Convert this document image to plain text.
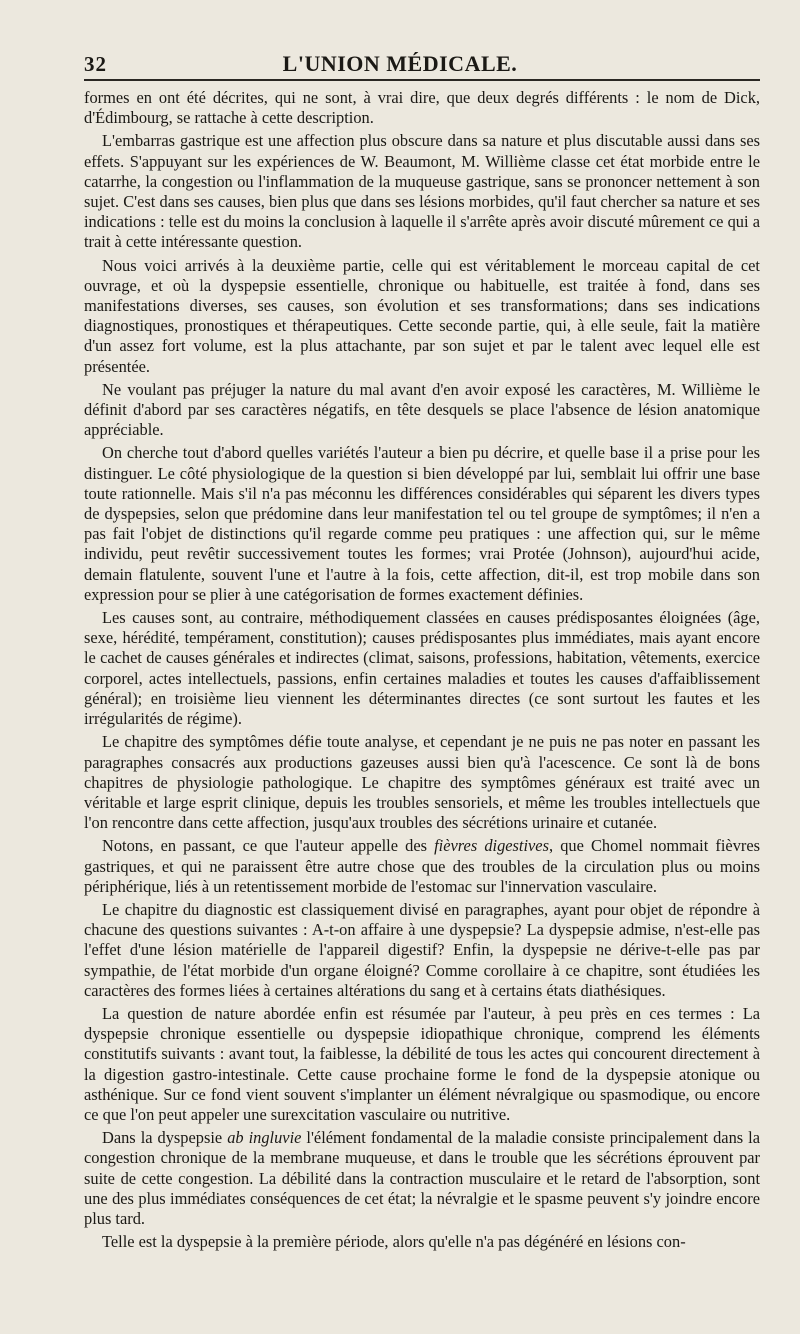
32	L'UNION MÉDICALE.

formes en ont été décrites, qui ne sont, à vrai dire, que deux degrés différents : le nom de Dick, d'Édimbourg, se rattache à cette description.

L'embarras gastrique est une affection plus obscure dans sa nature et plus discutable aussi dans ses effets. S'appuyant sur les expériences de W. Beaumont, M. Willième classe cet état morbide entre le catarrhe, la congestion ou l'inflammation de la muqueuse gastrique, sans se prononcer nettement à son sujet. C'est dans ses causes, bien plus que dans ses lésions morbides, qu'il faut chercher sa nature et ses indications : telle est du moins la conclusion à laquelle il s'arrête après avoir discuté mûrement ce qui a trait à cette intéressante question.

Nous voici arrivés à la deuxième partie, celle qui est véritablement le morceau capital de cet ouvrage, et où la dyspepsie essentielle, chronique ou habituelle, est traitée à fond, dans ses manifestations diverses, ses causes, son évolution et ses transformations; dans ses indications diagnostiques, pronostiques et thérapeutiques. Cette seconde partie, qui, à elle seule, fait la matière d'un assez fort volume, est la plus attachante, par son sujet et par le talent avec lequel elle est présentée.

Ne voulant pas préjuger la nature du mal avant d'en avoir exposé les caractères, M. Willième le définit d'abord par ses caractères négatifs, en tête desquels se place l'absence de lésion anatomique appréciable.

On cherche tout d'abord quelles variétés l'auteur a bien pu décrire, et quelle base il a prise pour les distinguer. Le côté physiologique de la question si bien développé par lui, semblait lui offrir une base toute rationnelle. Mais s'il n'a pas méconnu les différences considérables qui séparent les divers types de dyspepsies, selon que prédomine dans leur manifestation tel ou tel groupe de symptômes; il n'en a pas fait l'objet de distinctions qu'il regarde comme peu pratiques : une affection qui, sur le même individu, peut revêtir successivement toutes les formes; vrai Protée (Johnson), aujourd'hui acide, demain flatulente, souvent l'une et l'autre à la fois, cette affection, dit-il, est trop mobile dans son expression pour se plier à une catégorisation de formes exactement définies.

Les causes sont, au contraire, méthodiquement classées en causes prédisposantes éloignées (âge, sexe, hérédité, tempérament, constitution); causes prédisposantes plus immédiates, mais ayant encore le cachet de causes générales et indirectes (climat, saisons, professions, habitation, vêtements, exercice corporel, actes intellectuels, passions, enfin certaines maladies et toutes les causes d'affaiblissement général); en troisième lieu viennent les déterminantes directes (ce sont surtout les fautes et les irrégularités de régime).

Le chapitre des symptômes défie toute analyse, et cependant je ne puis ne pas noter en passant les paragraphes consacrés aux productions gazeuses aussi bien qu'à l'acescence. Ce sont là de bons chapitres de physiologie pathologique. Le chapitre des symptômes généraux est traité avec un véritable et large esprit clinique, depuis les troubles sensoriels, et même les troubles intellectuels que l'on rencontre dans cette affection, jusqu'aux troubles des sécrétions urinaire et cutanée.

Notons, en passant, ce que l'auteur appelle des fièvres digestives, que Chomel nommait fièvres gastriques, et qui ne paraissent être autre chose que des troubles de la circulation plus ou moins périphérique, liés à un retentissement morbide de l'estomac sur l'innervation vasculaire.

Le chapitre du diagnostic est classiquement divisé en paragraphes, ayant pour objet de répondre à chacune des questions suivantes : A-t-on affaire à une dyspepsie? La dyspepsie admise, n'est-elle pas l'effet d'une lésion matérielle de l'appareil digestif? Enfin, la dyspepsie ne dérive-t-elle pas par sympathie, de l'état morbide d'un organe éloigné? Comme corollaire à ce chapitre, sont étudiées les caractères des formes liées à certaines altérations du sang et à certains états diathésiques.

La question de nature abordée enfin est résumée par l'auteur, à peu près en ces termes : La dyspepsie chronique essentielle ou dyspepsie idiopathique chronique, comprend les éléments constitutifs suivants : avant tout, la faiblesse, la débilité de tous les actes qui concourent directement à la digestion gastro-intestinale. Cette cause prochaine forme le fond de la dyspepsie atonique ou asthénique. Sur ce fond vient souvent s'implanter un élément névralgique ou spasmodique, ou encore ce que l'on peut appeler une surexcitation vasculaire ou nutritive.

Dans la dyspepsie ab ingluvie l'élément fondamental de la maladie consiste principalement dans la congestion chronique de la membrane muqueuse, et dans le trouble que les sécrétions éprouvent par suite de cette congestion. La débilité dans la contraction musculaire et le retard de l'absorption, sont une des plus immédiates conséquences de cet état; la névralgie et le spasme peuvent s'y joindre encore plus tard.

Telle est la dyspepsie à la première période, alors qu'elle n'a pas dégénéré en lésions con-
